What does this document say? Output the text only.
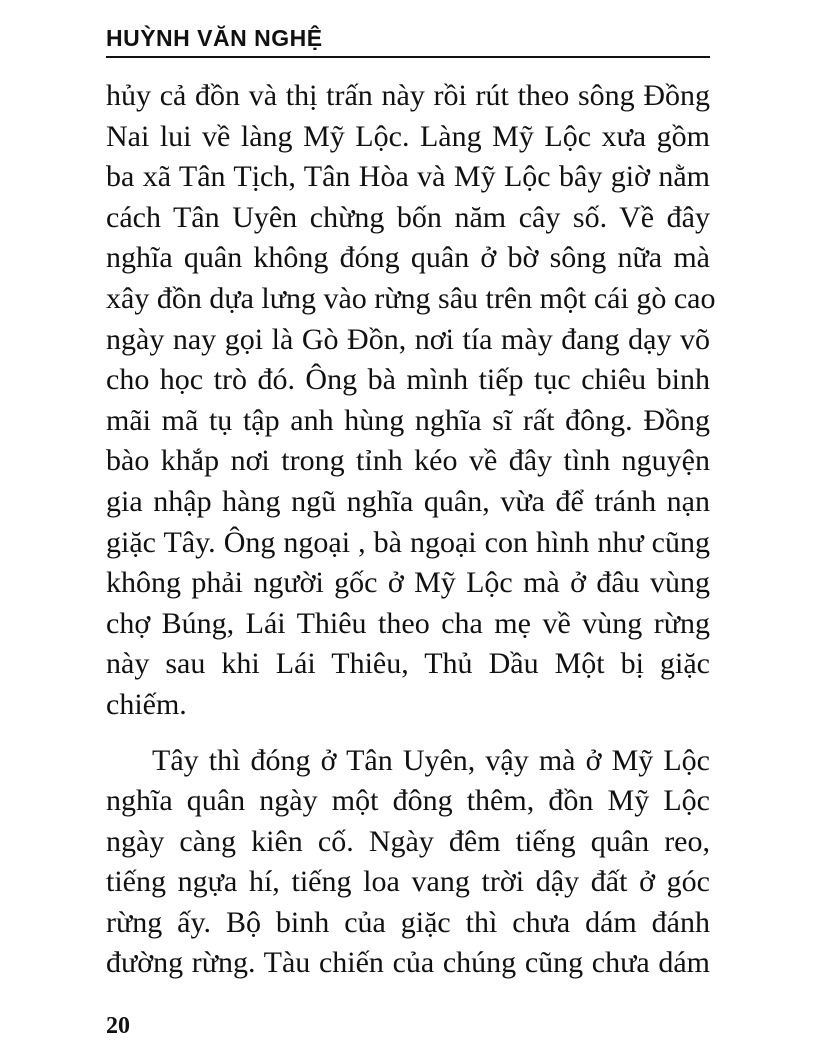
HUỲNH VĂN NGHỆ
hủy cả đồn và thị trấn này rồi rút theo sông Đồng
Nai lui về làng Mỹ Lộc. Làng Mỹ Lộc xưa gồm
ba xã Tân Tịch, Tân Hòa và Mỹ Lộc bây giờ nằm
cách Tân Uyên chừng bốn năm cây số. Về đây
nghĩa quân không đóng quân ở bờ sông nữa mà
xây đồn dựa lưng vào rừng sâu trên một cái gò cao
ngày nay gọi là Gò Đồn, nơi tía mày đang dạy võ
cho học trò đó. Ông bà mình tiếp tục chiêu binh
mãi mã tụ tập anh hùng nghĩa sĩ rất đông. Đồng
bào khắp nơi trong tỉnh kéo về đây tình nguyện
gia nhập hàng ngũ nghĩa quân, vừa để tránh nạn
giặc Tây. Ông ngoại , bà ngoại con hình như cũng
không phải người gốc ở Mỹ Lộc mà ở đâu vùng
chợ Búng, Lái Thiêu theo cha mẹ về vùng rừng
này sau khi Lái Thiêu, Thủ Dầu Một bị giặc
chiếm.
Tây thì đóng ở Tân Uyên, vậy mà ở Mỹ Lộc
nghĩa quân ngày một đông thêm, đồn Mỹ Lộc
ngày càng kiên cố. Ngày đêm tiếng quân reo,
tiếng ngựa hí, tiếng loa vang trời dậy đất ở góc
rừng ấy. Bộ binh của giặc thì chưa dám đánh
đường rừng. Tàu chiến của chúng cũng chưa dám
20
